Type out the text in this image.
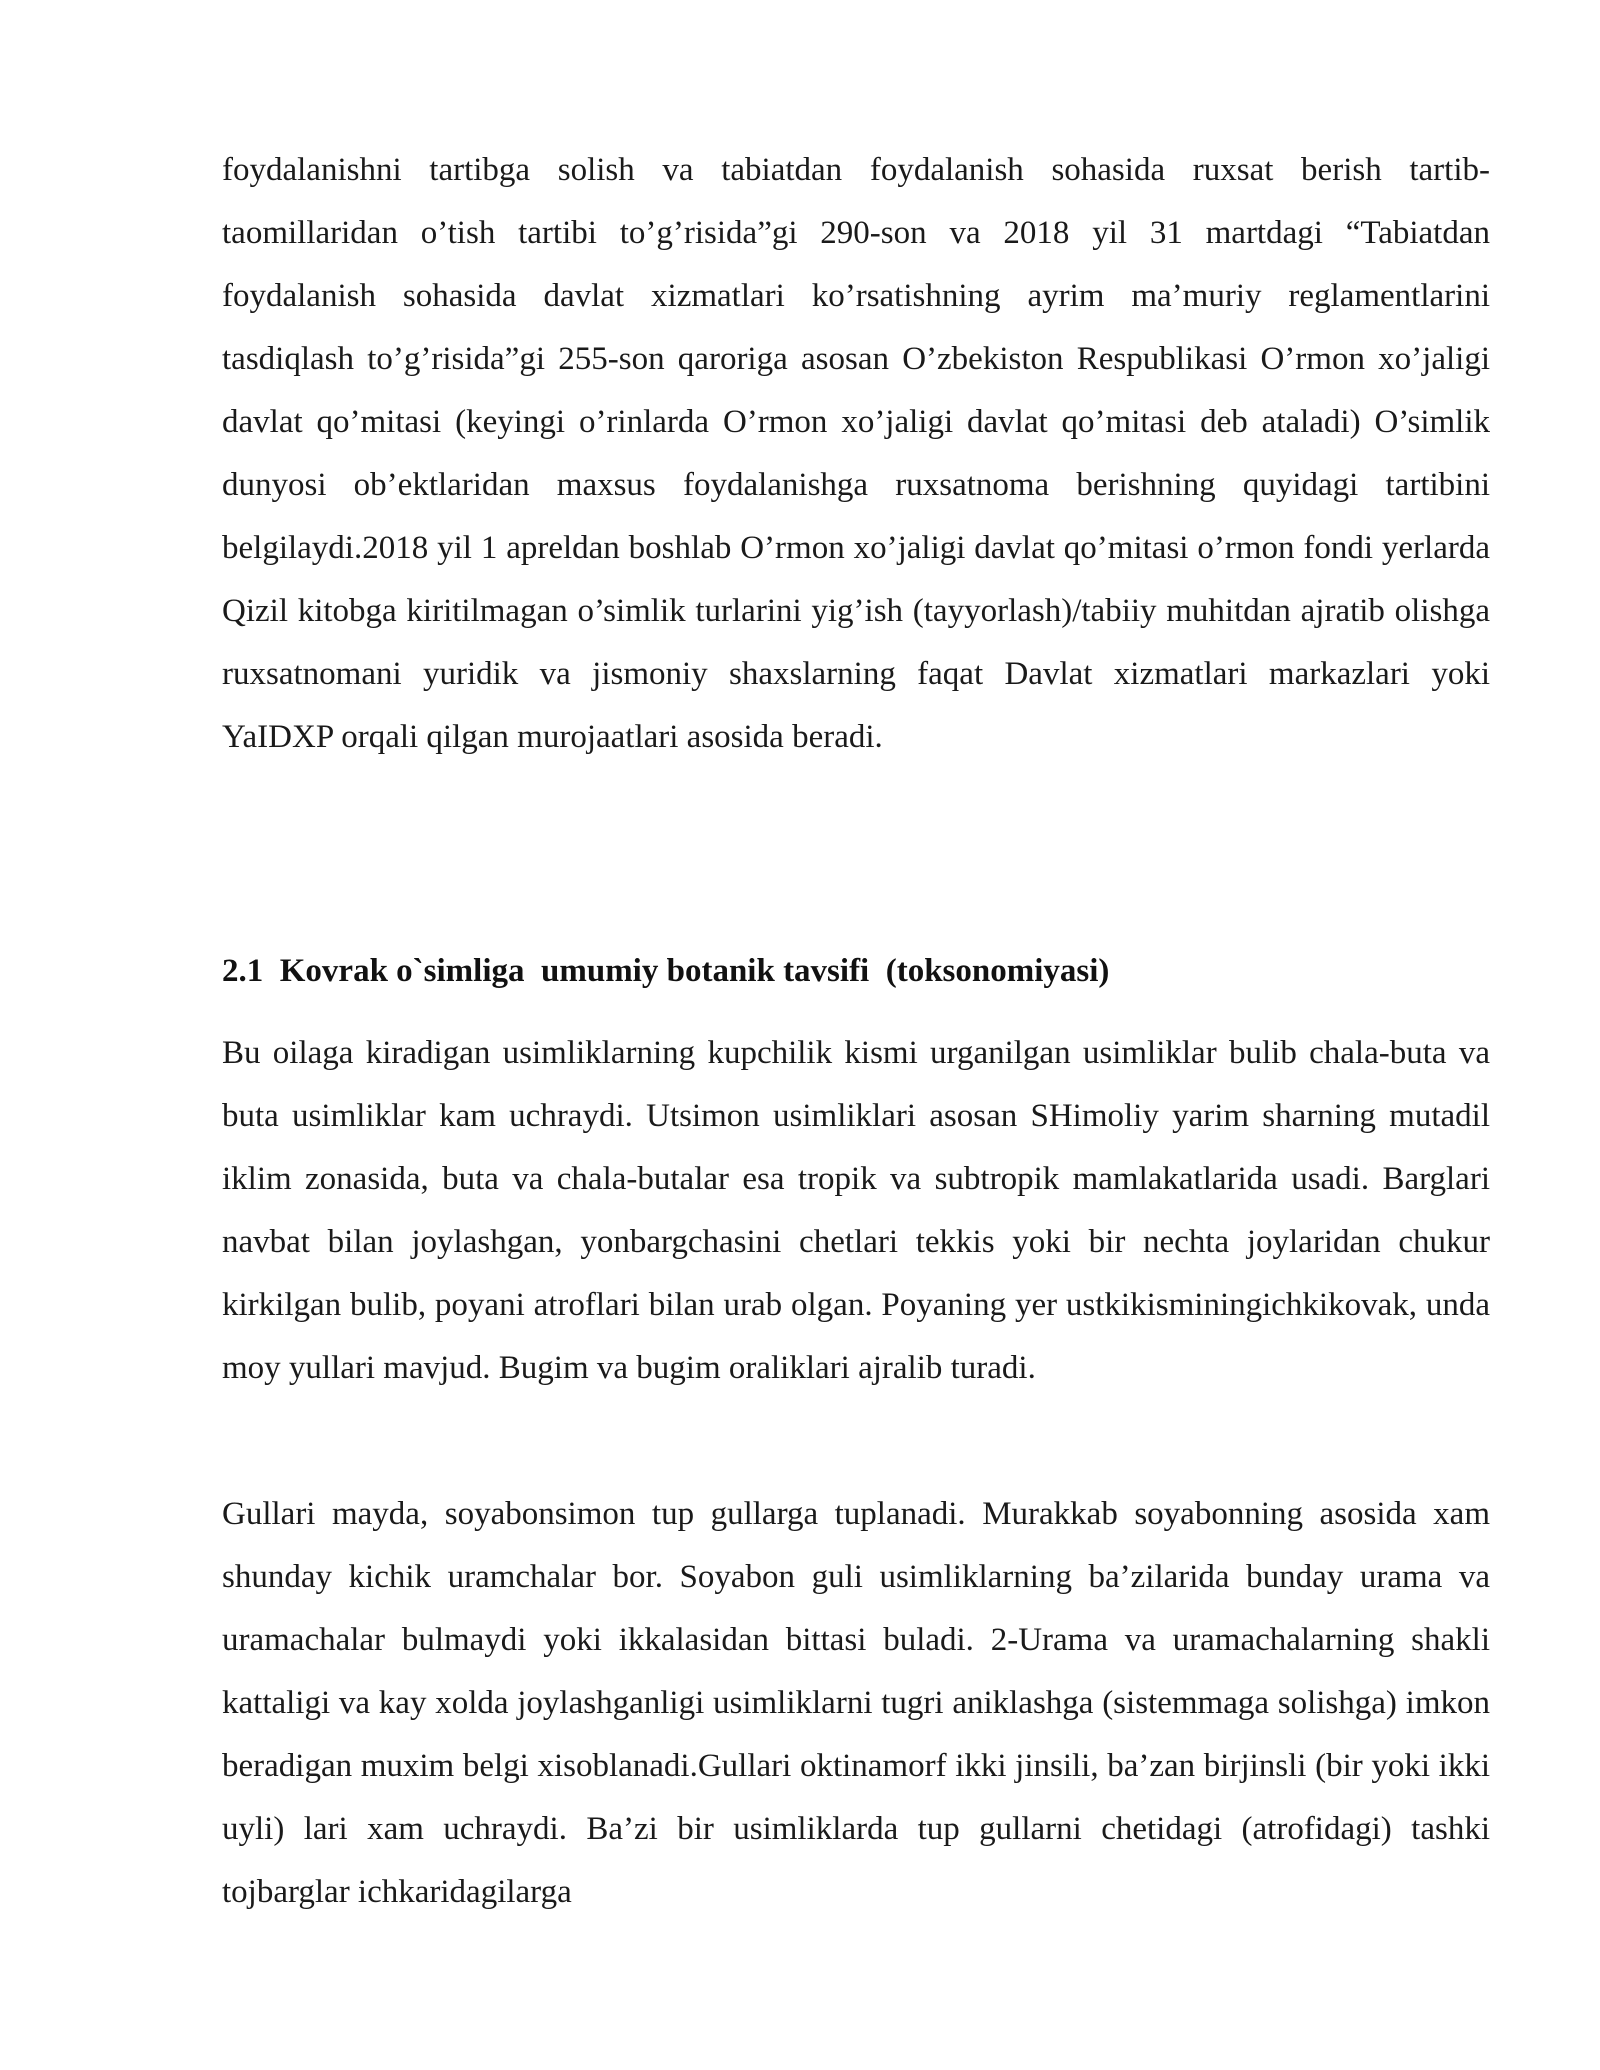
foydalanishni tartibga solish va tabiatdan foydalanish sohasida ruxsat berish tartib-taomillaridan o’tish tartibi to’g’risida”gi 290-son va 2018 yil 31 martdagi “Tabiatdan foydalanish sohasida davlat xizmatlari ko’rsatishning ayrim ma’muriy reglamentlarini tasdiqlash to’g’risida”gi 255-son qaroriga asosan O’zbekiston Respublikasi O’rmon xo’jaligi davlat qo’mitasi (keyingi o’rinlarda O’rmon xo’jaligi davlat qo’mitasi deb ataladi) O’simlik dunyosi ob’ektlaridan maxsus foydalanishga ruxsatnoma berishning quyidagi tartibini belgilaydi.2018 yil 1 apreldan boshlab O’rmon xo’jaligi davlat qo’mitasi o’rmon fondi yerlarda Qizil kitobga kiritilmagan o’simlik turlarini yig’ish (tayyorlash)/tabiiy muhitdan ajratib olishga ruxsatnomani yuridik va jismoniy shaxslarning faqat Davlat xizmatlari markazlari yoki YaIDXP orqali qilgan murojaatlari asosida beradi.

2.1  Kovrak o`simliga  umumiy botanik tavsifi  (toksonomiyasi)

Bu oilaga kiradigan usimliklarning kupchilik kismi urganilgan usimliklar bulib chala-buta va buta usimliklar kam uchraydi. Utsimon usimliklari asosan SHimoliy yarim sharning mutadil iklim zonasida, buta va chala-butalar esa tropik va subtropik mamlakatlarida usadi. Barglari navbat bilan joylashgan, yonbargchasini chetlari tekkis yoki bir nechta joylaridan chukur kirkilgan bulib, poyani atroflari bilan urab olgan. Poyaning yer ustkikisminingichkikovak, unda moy yullari mavjud. Bugim va bugim oraliklari ajralib turadi.

Gullari mayda, soyabonsimon tup gullarga tuplanadi. Murakkab soyabonning asosida xam shunday kichik uramchalar bor. Soyabon guli usimliklarning ba’zilarida bunday urama va uramachalar bulmaydi yoki ikkalasidan bittasi buladi. 2-Urama va uramachalarning shakli kattaligi va kay xolda joylashganligi usimliklarni tugri aniklashga (sistemmaga solishga) imkon beradigan muxim belgi xisoblanadi.Gullari oktinamorf ikki jinsili, ba’zan birjinsli (bir yoki ikki uyli) lari xam uchraydi. Ba’zi bir usimliklarda tup gullarni chetidagi (atrofidagi) tashki tojbarglar ichkaridagilarga
